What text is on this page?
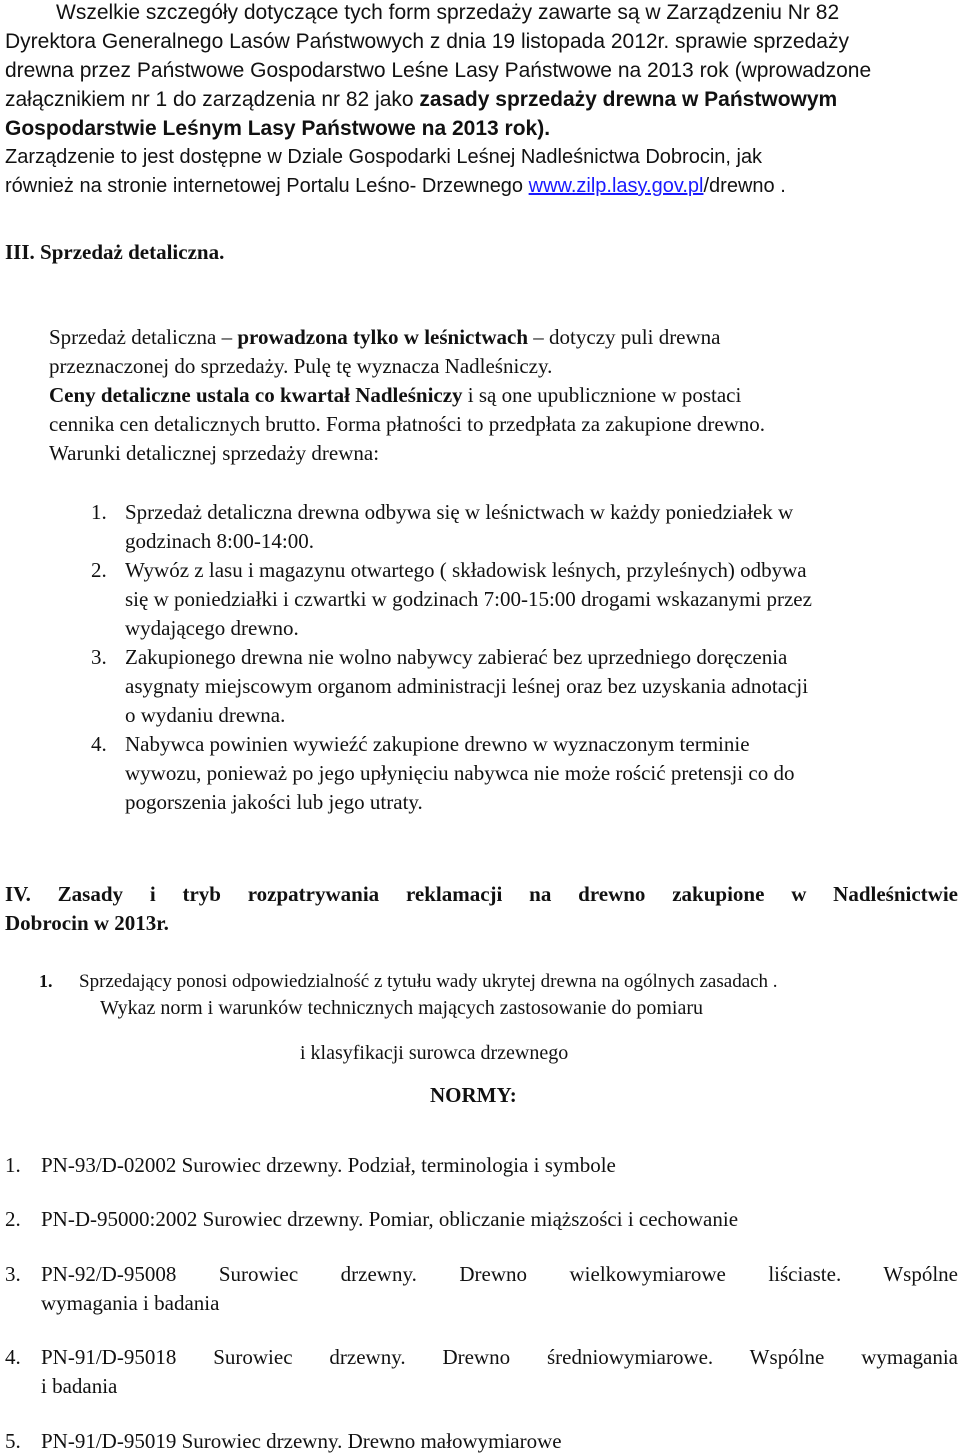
Wszelkie szczegóły dotyczące tych form sprzedaży zawarte są w Zarządzeniu Nr 82
Dyrektora Generalnego Lasów Państwowych z dnia 19 listopada 2012r. sprawie sprzedaży
drewna przez Państwowe Gospodarstwo Leśne Lasy Państwowe na 2013 rok (wprowadzone
załącznikiem nr 1 do zarządzenia nr 82 jako zasady sprzedaży drewna w Państwowym
Gospodarstwie Leśnym Lasy Państwowe na 2013 rok).
Zarządzenie to jest dostępne w Dziale Gospodarki Leśnej Nadleśnictwa Dobrocin, jak
również na stronie internetowej Portalu Leśno- Drzewnego www.zilp.lasy.gov.pl/drewno .
III. Sprzedaż detaliczna.
Sprzedaż detaliczna – prowadzona tylko w leśnictwach – dotyczy puli drewna
przeznaczonej do sprzedaży. Pulę tę wyznacza Nadleśniczy.
Ceny detaliczne ustala co kwartał Nadleśniczy i są one upublicznione w postaci
cennika cen detalicznych brutto. Forma płatności to przedpłata za zakupione drewno.
Warunki detalicznej sprzedaży drewna:
1. Sprzedaż detaliczna drewna odbywa się w leśnictwach w każdy poniedziałek w
godzinach 8:00-14:00.
2. Wywóz z lasu i magazynu otwartego ( składowisk leśnych, przyleśnych) odbywa
się w poniedziałki i czwartki w godzinach 7:00-15:00 drogami wskazanymi przez
wydającego drewno.
3. Zakupionego drewna nie wolno nabywcy zabierać bez uprzedniego doręczenia
asygnaty miejscowym organom administracji leśnej oraz bez uzyskania adnotacji
o wydaniu drewna.
4. Nabywca powinien wywieźć zakupione drewno w wyznaczonym terminie
wywozu, ponieważ po jego upłynięciu nabywca nie może rościć pretensji co do
pogorszenia jakości lub jego utraty.
IV. Zasady i tryb rozpatrywania reklamacji na drewno zakupione w Nadleśnictwie
Dobrocin w 2013r.
1. Sprzedający ponosi odpowiedzialność z tytułu wady ukrytej drewna na ogólnych zasadach .
Wykaz norm i warunków technicznych mających zastosowanie do pomiaru
i klasyfikacji surowca drzewnego
NORMY:
1. PN-93/D-02002 Surowiec drzewny. Podział, terminologia i symbole
2. PN-D-95000:2002 Surowiec drzewny. Pomiar, obliczanie miąższości i cechowanie
3. PN-92/D-95008 Surowiec drzewny. Drewno wielkowymiarowe liściaste. Wspólne
wymagania i badania
4. PN-91/D-95018 Surowiec drzewny. Drewno średniowymiarowe. Wspólne wymagania
i badania
5. PN-91/D-95019 Surowiec drzewny. Drewno małowymiarowe
